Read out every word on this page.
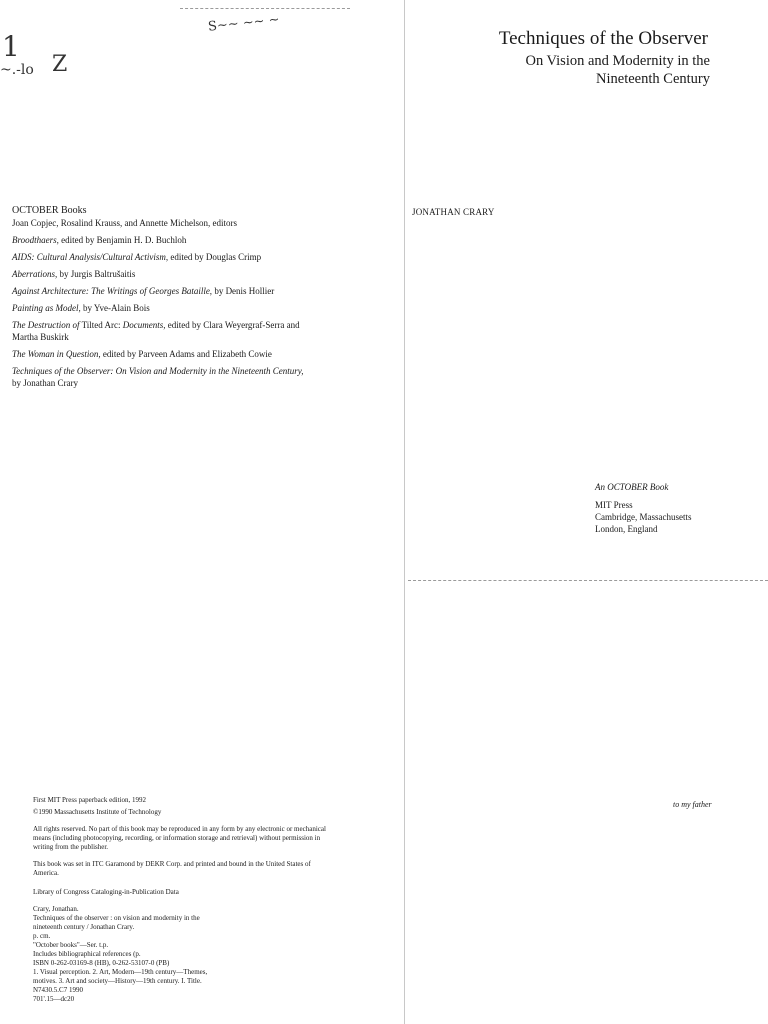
1
~.-lo Z
S~~ ~~ ~
Techniques of the Observer
On Vision and Modernity in the
Nineteenth Century
JONATHAN CRARY
OCTOBER Books
Joan Copjec, Rosalind Krauss, and Annette Michelson, editors
Broodthaers, edited by Benjamin H. D. Buchloh
AIDS: Cultural Analysis/Cultural Activism, edited by Douglas Crimp
Aberrations, by Jurgis Baltrušaitis
Against Architecture: The Writings of Georges Bataille, by Denis Hollier
Painting as Model, by Yve-Alain Bois
The Destruction of Tilted Arc: Documents, edited by Clara Weyergraf-Serra and Martha Buskirk
The Woman in Question, edited by Parveen Adams and Elizabeth Cowie
Techniques of the Observer: On Vision and Modernity in the Nineteenth Century, by Jonathan Crary
An OCTOBER Book
MIT Press
Cambridge, Massachusetts
London, England
First MIT Press paperback edition, 1992
©1990 Massachusetts Institute of Technology
All rights reserved. No part of this book may be reproduced in any form by any electronic or mechanical means (including photocopying, recording, or information storage and retrieval) without permission in writing from the publisher.
This book was set in ITC Garamond by DEKR Corp. and printed and bound in the United States of America.
Library of Congress Cataloging-in-Publication Data
Crary, Jonathan.
Techniques of the observer : on vision and modernity in the
nineteenth century / Jonathan Crary.
p. cm.
"October books"—Ser. t.p.
Includes bibliographical references (p.
ISBN 0-262-03169-8 (HB), 0-262-53107-0 (PB)
1. Visual perception. 2. Art, Modern—19th century—Themes,
motives. 3. Art and society—History—19th century. I. Title.
N7430.5.C7 1990
701'.15—dc20
to my father
